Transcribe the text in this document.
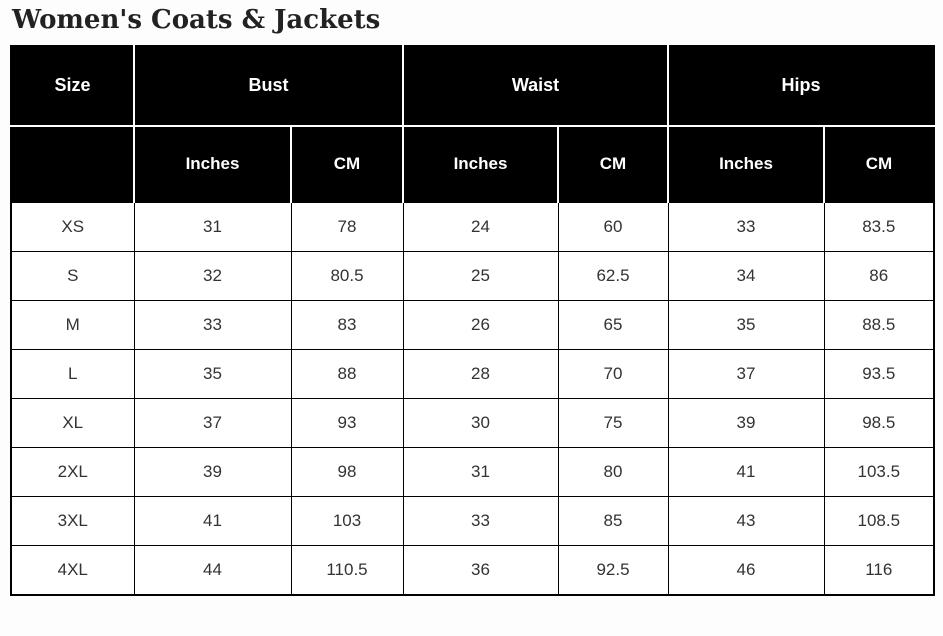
Women's Coats & Jackets
Size	Bust		Waist		Hips	
	Inches	CM	Inches	CM	Inches	CM
XS	31	78	24	60	33	83.5
S	32	80.5	25	62.5	34	86
M	33	83	26	65	35	88.5
L	35	88	28	70	37	93.5
XL	37	93	30	75	39	98.5
2XL	39	98	31	80	41	103.5
3XL	41	103	33	85	43	108.5
4XL	44	110.5	36	92.5	46	116
